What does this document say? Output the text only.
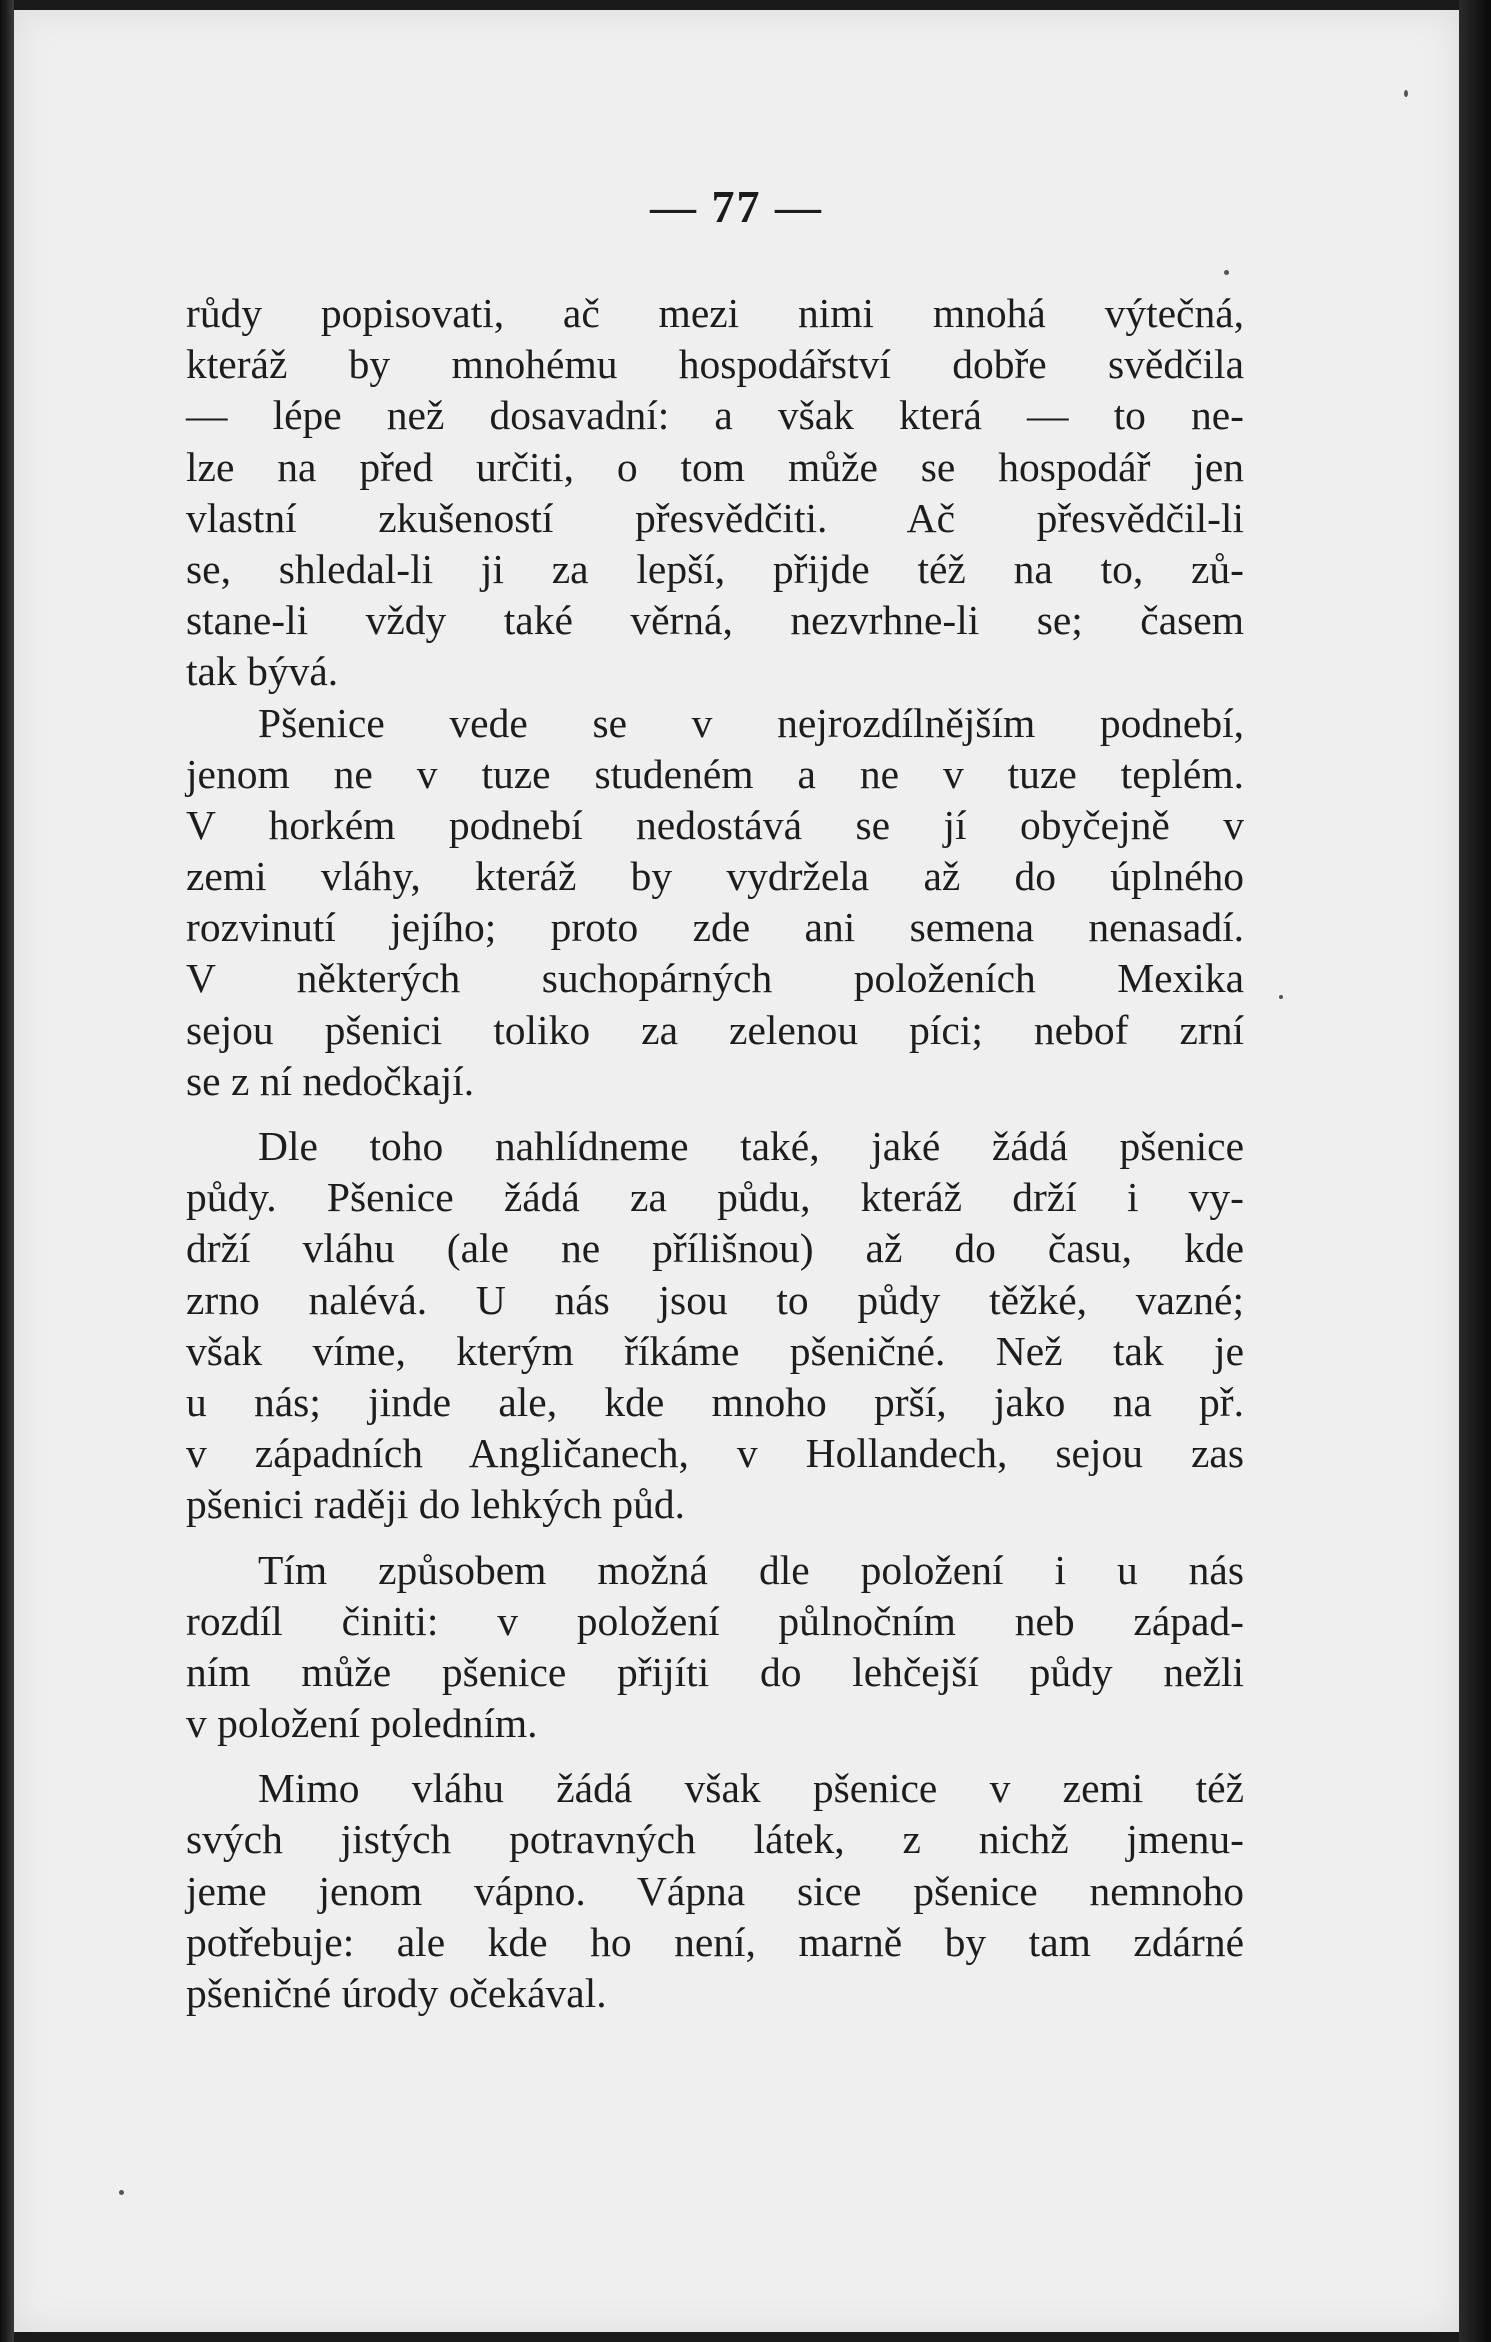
— 77 —
růdy popisovati, ač mezi nimi mnohá výtečná,
kteráž by mnohému hospodářství dobře svědčila
— lépe než dosavadní: a však která — to ne-
lze na před určiti, o tom může se hospodář jen
vlastní zkušeností přesvědčiti. Ač přesvědčil-li
se, shledal-li ji za lepší, přijde též na to, zů-
stane-li vždy také věrná, nezvrhne-li se; časem
tak bývá.
Pšenice vede se v nejrozdílnějším podnebí,
jenom ne v tuze studeném a ne v tuze teplém.
V horkém podnebí nedostává se jí obyčejně v
zemi vláhy, kteráž by vydržela až do úplného
rozvinutí jejího; proto zde ani semena nenasadí.
V některých suchopárných položeních Mexika
sejou pšenici toliko za zelenou píci; nebof zrní
se z ní nedočkají.
Dle toho nahlídneme také, jaké žádá pšenice
půdy. Pšenice žádá za půdu, kteráž drží i vy-
drží vláhu (ale ne přílišnou) až do času, kde
zrno nalévá. U nás jsou to půdy těžké, vazné;
však víme, kterým říkáme pšeničné. Než tak je
u nás; jinde ale, kde mnoho prší, jako na př.
v západních Angličanech, v Hollandech, sejou zas
pšenici raději do lehkých půd.
Tím způsobem možná dle položení i u nás
rozdíl činiti: v položení půlnočním neb západ-
ním může pšenice přijíti do lehčejší půdy nežli
v položení poledním.
Mimo vláhu žádá však pšenice v zemi též
svých jistých potravných látek, z nichž jmenu-
jeme jenom vápno. Vápna sice pšenice nemnoho
potřebuje: ale kde ho není, marně by tam zdárné
pšeničné úrody očekával.
